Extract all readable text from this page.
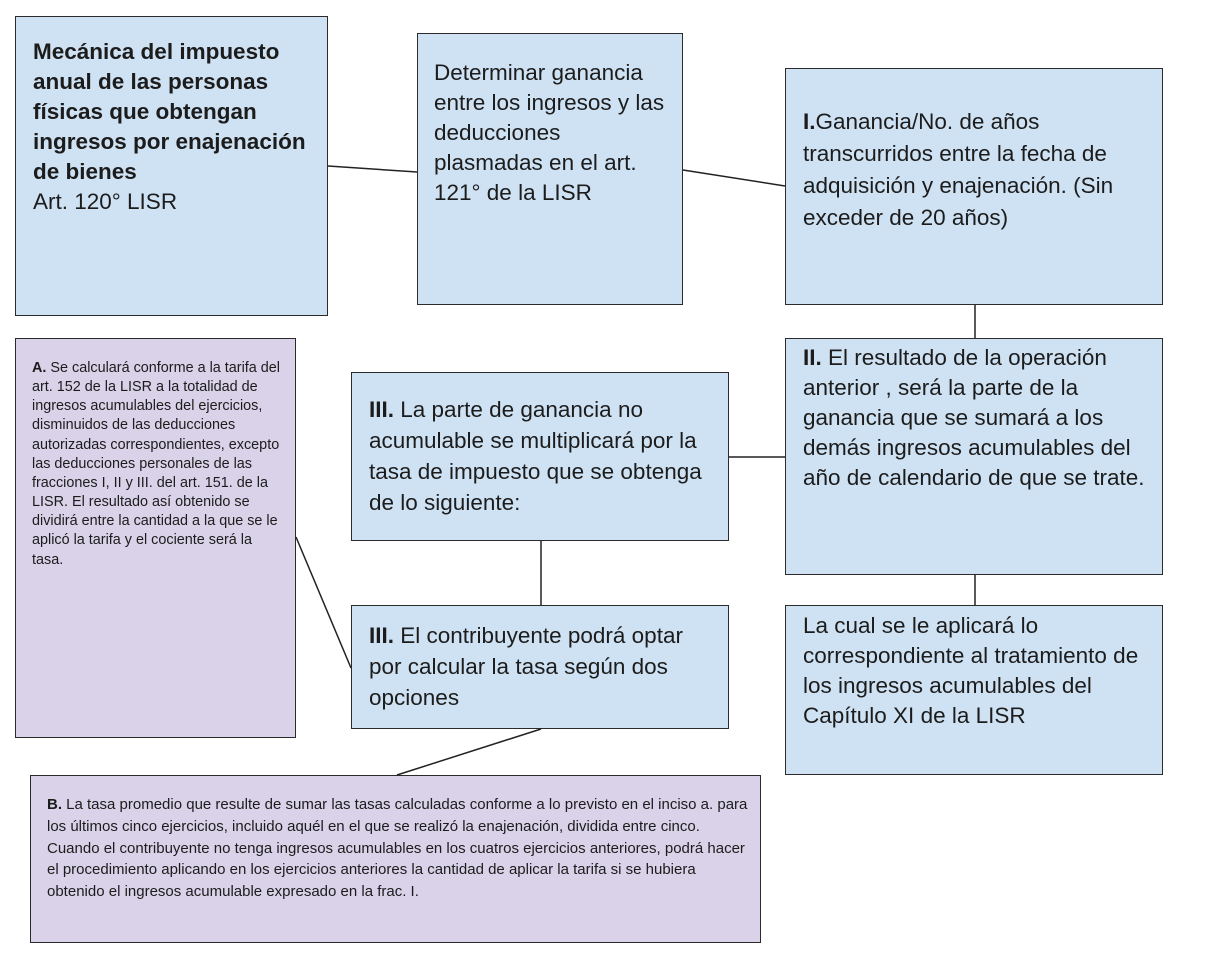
Mecánica del impuesto anual de las personas físicas que obtengan ingresos por enajenación de bienes
Art. 120° LISR
Determinar ganancia entre los ingresos y las deducciones plasmadas en el art. 121° de la LISR
I.Ganancia/No. de años transcurridos entre la fecha de adquisición y enajenación. (Sin exceder de 20 años)
II. El resultado de la operación anterior , será la parte de la ganancia que se sumará a los demás ingresos acumulables del año de calendario de que se trate.
La cual se le aplicará lo correspondiente al tratamiento de los ingresos acumulables del Capítulo XI de la LISR
III. La parte de ganancia no acumulable se multiplicará por la tasa de impuesto que se obtenga de lo siguiente:
III. El contribuyente podrá optar por calcular la tasa según dos opciones
A. Se calculará conforme a la tarifa del art. 152 de la LISR a la totalidad de ingresos acumulables del ejercicios, disminuidos de las deducciones autorizadas correspondientes, excepto las deducciones personales de las fracciones I, II y III. del art. 151. de la LISR. El resultado así obtenido se dividirá entre la cantidad a la que se le aplicó la tarifa y el cociente será la tasa.
B. La tasa promedio que resulte de sumar las tasas calculadas conforme a lo previsto en el inciso a. para los últimos cinco ejercicios, incluido aquél en el que se realizó la enajenación, dividida entre cinco. Cuando el contribuyente no tenga ingresos acumulables en los cuatros ejercicios anteriores, podrá hacer el procedimiento aplicando en los ejercicios anteriores la cantidad de aplicar la tarifa si se hubiera obtenido el ingresos acumulable expresado en la frac. I.
